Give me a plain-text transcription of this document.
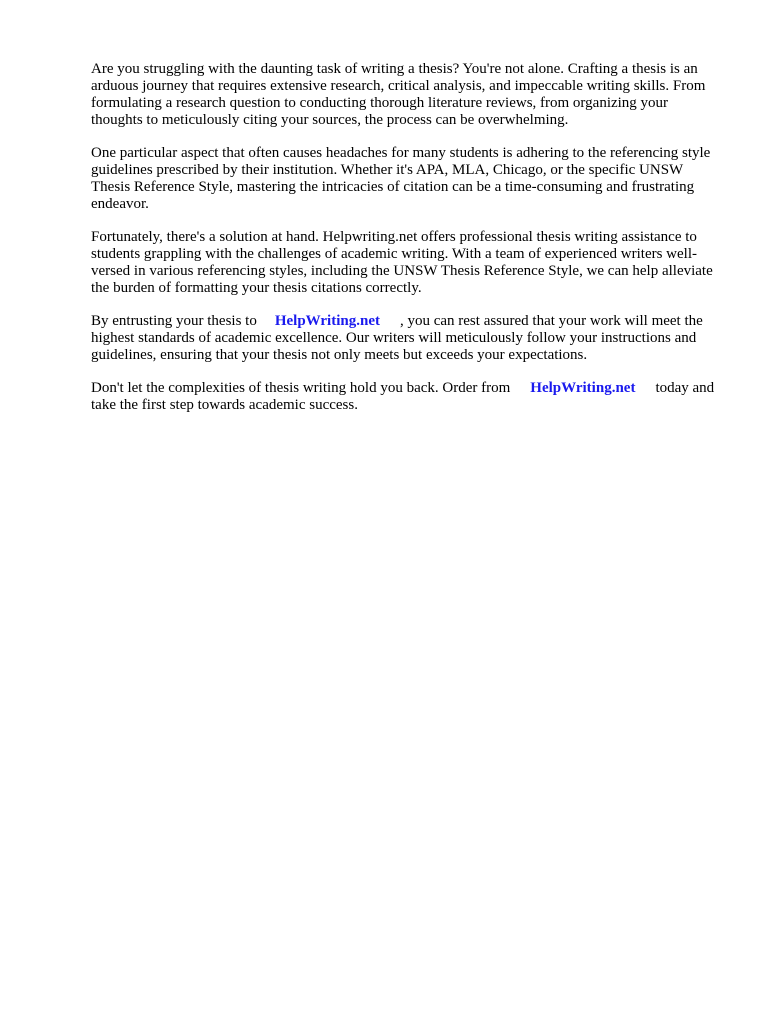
Are you struggling with the daunting task of writing a thesis? You're not alone. Crafting a thesis is an arduous journey that requires extensive research, critical analysis, and impeccable writing skills. From formulating a research question to conducting thorough literature reviews, from organizing your thoughts to meticulously citing your sources, the process can be overwhelming.

One particular aspect that often causes headaches for many students is adhering to the referencing style guidelines prescribed by their institution. Whether it's APA, MLA, Chicago, or the specific UNSW Thesis Reference Style, mastering the intricacies of citation can be a time-consuming and frustrating endeavor.

Fortunately, there's a solution at hand. Helpwriting.net offers professional thesis writing assistance to students grappling with the challenges of academic writing. With a team of experienced writers well-versed in various referencing styles, including the UNSW Thesis Reference Style, we can help alleviate the burden of formatting your thesis citations correctly.

By entrusting your thesis to HelpWriting.net , you can rest assured that your work will meet the highest standards of academic excellence. Our writers will meticulously follow your instructions and guidelines, ensuring that your thesis not only meets but exceeds your expectations.

Don't let the complexities of thesis writing hold you back. Order from HelpWriting.net today and take the first step towards academic success.
